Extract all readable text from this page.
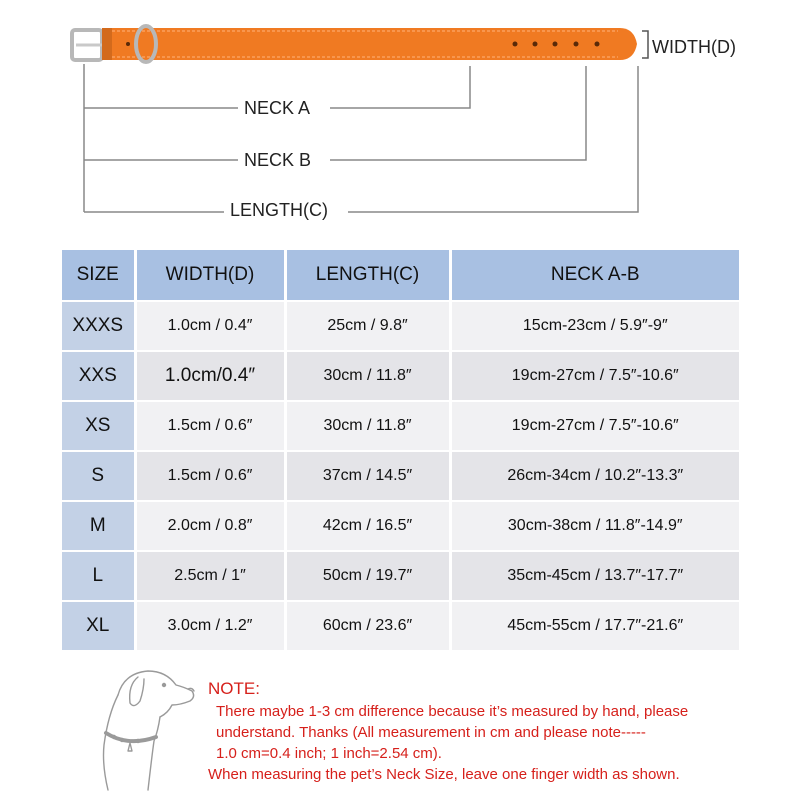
NECK A
NECK B
LENGTH(C)
WIDTH(D)
SIZE	WIDTH(D)	LENGTH(C)	NECK A-B
XXXS	1.0cm / 0.4″	25cm / 9.8″	15cm-23cm / 5.9″-9″
XXS	1.0cm/0.4″	30cm / 11.8″	19cm-27cm / 7.5″-10.6″
XS	1.5cm / 0.6″	30cm / 11.8″	19cm-27cm / 7.5″-10.6″
S	1.5cm / 0.6″	37cm / 14.5″	26cm-34cm / 10.2″-13.3″
M	2.0cm / 0.8″	42cm / 16.5″	30cm-38cm / 11.8″-14.9″
L	2.5cm / 1″	50cm / 19.7″	35cm-45cm / 13.7″-17.7″
XL	3.0cm / 1.2″	60cm / 23.6″	45cm-55cm / 17.7″-21.6″
NOTE:
There maybe 1-3 cm difference because it’s measured by hand, please
understand. Thanks (All measurement in cm and please note-----
1.0 cm=0.4 inch; 1 inch=2.54 cm).
When measuring the pet’s Neck Size, leave one finger width as shown.
